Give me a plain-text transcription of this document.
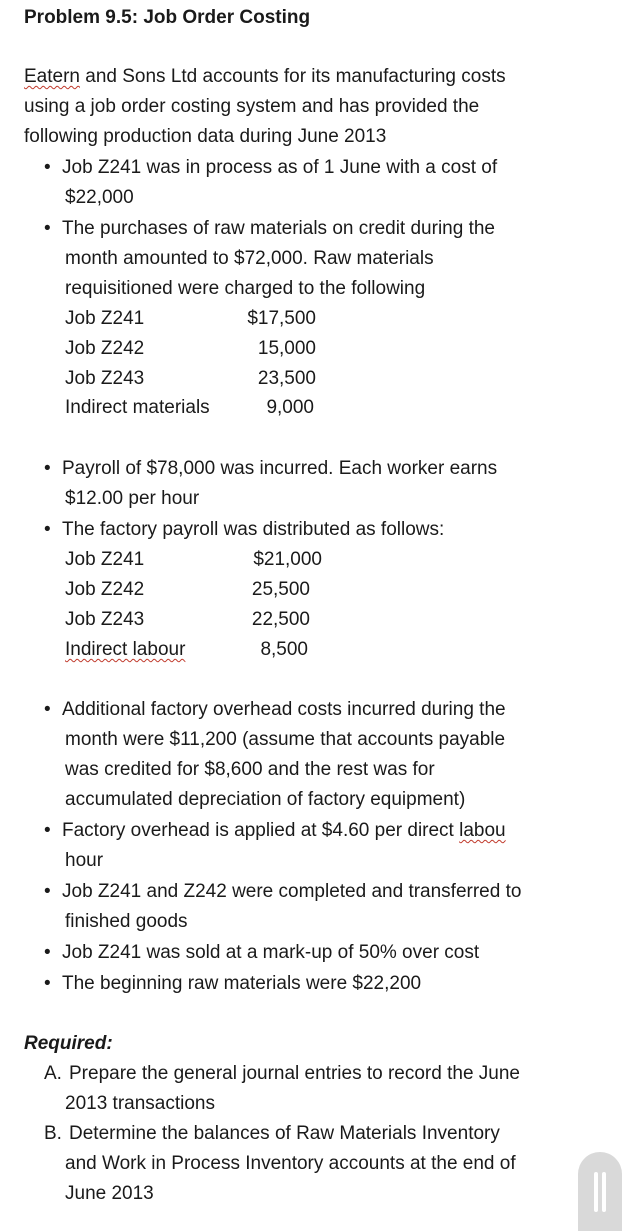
Problem 9.5: Job Order Costing
Eatern and Sons Ltd accounts for its manufacturing costs
using a job order costing system and has provided the
following production data during June 2013
• Job Z241 was in process as of 1 June with a cost of
$22,000
• The purchases of raw materials on credit during the
month amounted to $72,000. Raw materials
requisitioned were charged to the following
Job Z241	$17,500
Job Z242	15,000
Job Z243	23,500
Indirect materials	9,000
• Payroll of $78,000 was incurred. Each worker earns
$12.00 per hour
• The factory payroll was distributed as follows:
Job Z241	$21,000
Job Z242	25,500
Job Z243	22,500
Indirect labour	8,500
• Additional factory overhead costs incurred during the
month were $11,200 (assume that accounts payable
was credited for $8,600 and the rest was for
accumulated depreciation of factory equipment)
• Factory overhead is applied at $4.60 per direct labou
hour
• Job Z241 and Z242 were completed and transferred to
finished goods
• Job Z241 was sold at a mark-up of 50% over cost
• The beginning raw materials were $22,200
Required:
A. Prepare the general journal entries to record the June
2013 transactions
B. Determine the balances of Raw Materials Inventory
and Work in Process Inventory accounts at the end of
June 2013
